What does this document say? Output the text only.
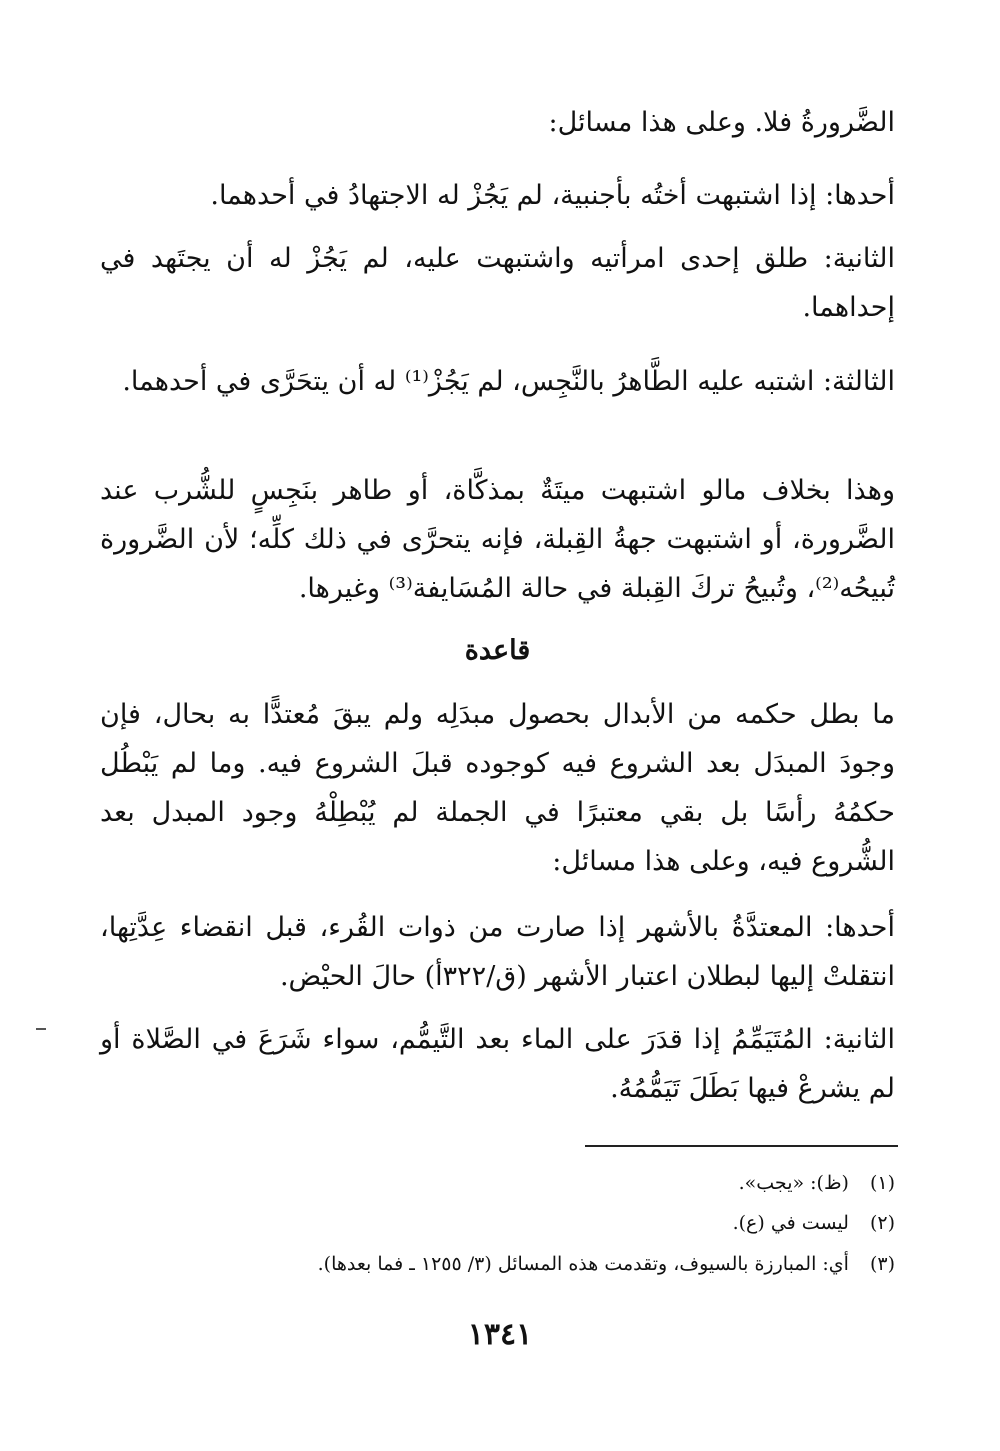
الضَّرورةُ فلا. وعلى هذا مسائل:
أحدها: إذا اشتبهت أختُه بأجنبية، لم يَجُزْ له الاجتهادُ في أحدهما.
الثانية: طلق إحدى امرأتيه واشتبهت عليه، لم يَجُزْ له أن يجتَهد في إحداهما.
الثالثة: اشتبه عليه الطَّاهرُ بالنَّجِس، لم يَجُزْ⁽¹⁾ له أن يتحَرَّى في أحدهما.
وهذا بخلاف مالو اشتبهت ميتَةٌ بمذكَّاة، أو طاهر بنَجِسٍ للشُّرب عند الضَّرورة، أو اشتبهت جهةُ القِبلة، فإنه يتحرَّى في ذلك كلِّه؛ لأن الضَّرورة تُبيحُه⁽²⁾، وتُبيحُ تركَ القِبلة في حالة المُسَايفة⁽³⁾ وغيرها.
قاعدة
ما بطل حكمه من الأبدال بحصول مبدَلِه ولم يبقَ مُعتدًّا به بحال، فإن وجودَ المبدَل بعد الشروع فيه كوجوده قبلَ الشروع فيه. وما لم يَبْطُل حكمُهُ رأسًا بل بقي معتبرًا في الجملة لم يُبْطِلْهُ وجود المبدل بعد الشُّروع فيه، وعلى هذا مسائل:
أحدها: المعتدَّةُ بالأشهر إذا صارت من ذوات القُرء، قبل انقضاء عِدَّتِها، انتقلتْ إليها لبطلان اعتبار الأشهر (ق/٣٢٢أ) حالَ الحيْض.
الثانية: المُتَيَمِّمُ إذا قدَرَ على الماء بعد التَّيمُّم، سواء شَرَعَ في الصَّلاة أو لم يشرعْ فيها بَطَلَ تَيَمُّمُهُ.
(١) (ظ): «يجب».
(٢) ليست في (ع).
(٣) أي: المبارزة بالسيوف، وتقدمت هذه المسائل (٣/ ١٢٥٥ ـ فما بعدها).
١٣٤١
